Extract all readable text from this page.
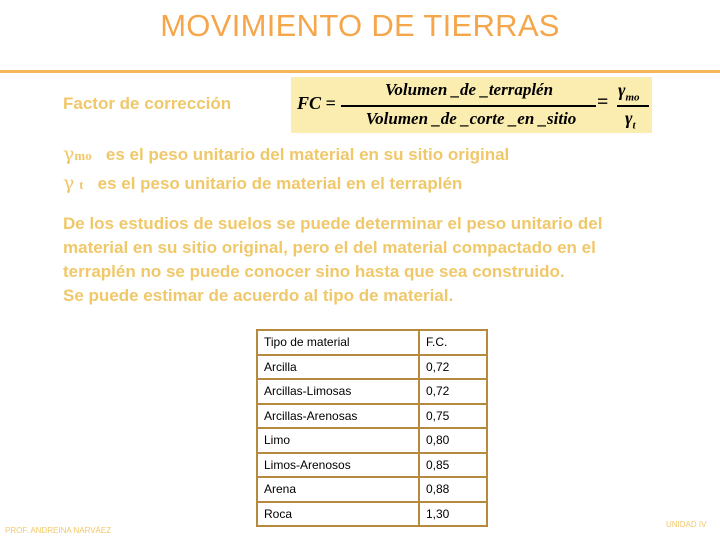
MOVIMIENTO DE TIERRAS
Factor de corrección	FC =
Volumen _de _terraplén
Volumen _de _corte _en _sitio
=
$\gamma_{mo}$
$\gamma_t$
γmo es el peso unitario del material en su sitio original
γ t es el peso unitario de material en el terraplén

De los estudios de suelos se puede determinar el peso unitario del

material en su sitio original, pero el del material compactado en el

terraplén no se puede conocer sino hasta que sea construido.

Se puede estimar de acuerdo al tipo de material.

Tipo de material	F.C.
Arcilla	0,72
Arcillas-Limosas	0,72
Arcillas-Arenosas	0,75
Limo	0,80
Limos-Arenosos	0,85
Arena	0,88
Roca	1,30
PROF. ANDREINA NARVÁEZ
UNIDAD IV
